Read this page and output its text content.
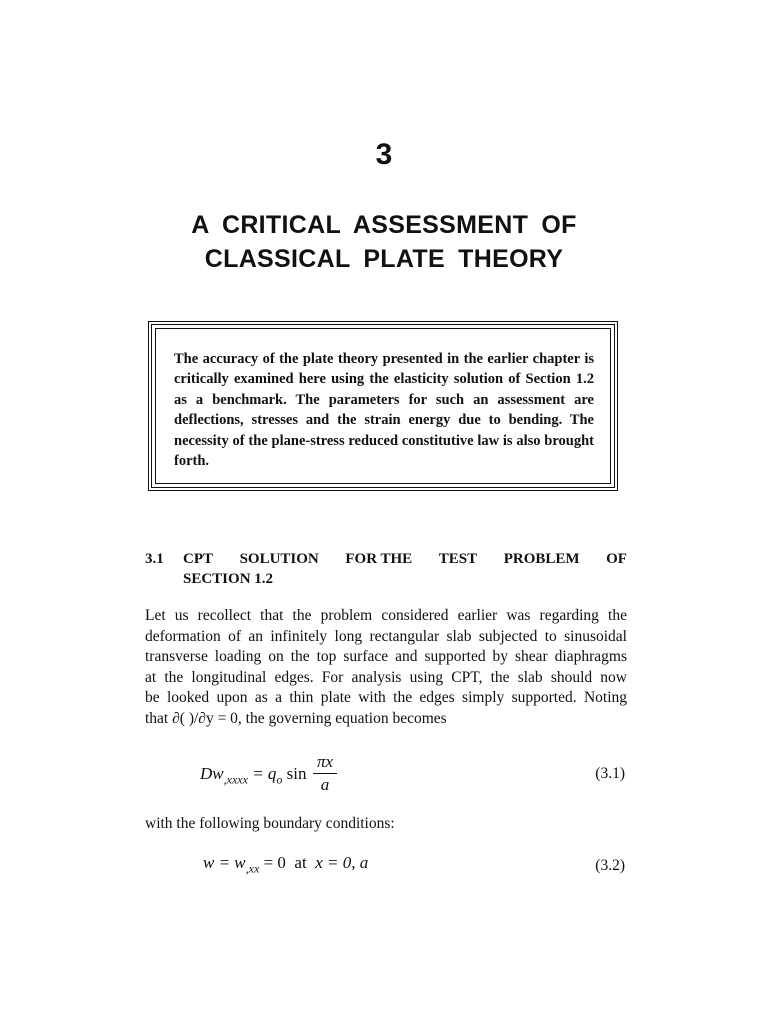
3
A CRITICAL ASSESSMENT OF
CLASSICAL PLATE THEORY
The accuracy of the plate theory presented in the earlier chapter is critically examined here using the elasticity solution of Section 1.2 as a benchmark. The parameters for such an assessment are deflections, stresses and the strain energy due to bending. The necessity of the plane-stress reduced constitutive law is also brought forth.
3.1 CPT SOLUTION FOR THE TEST PROBLEM OF
SECTION 1.2
Let us recollect that the problem considered earlier was regarding the
deformation of an infinitely long rectangular slab subjected to sinusoidal
transverse loading on the top surface and supported by shear diaphragms
at the longitudinal edges. For analysis using CPT, the slab should now
be looked upon as a thin plate with the edges simply supported. Noting
that ∂( )/∂y = 0, the governing equation becomes
$Dw_{,xxxx} = q_o$ sin
πx
a
(3.1)
with the following boundary conditions:
$w = w_{,xx} = 0$  at  x = 0, a	(3.2)
